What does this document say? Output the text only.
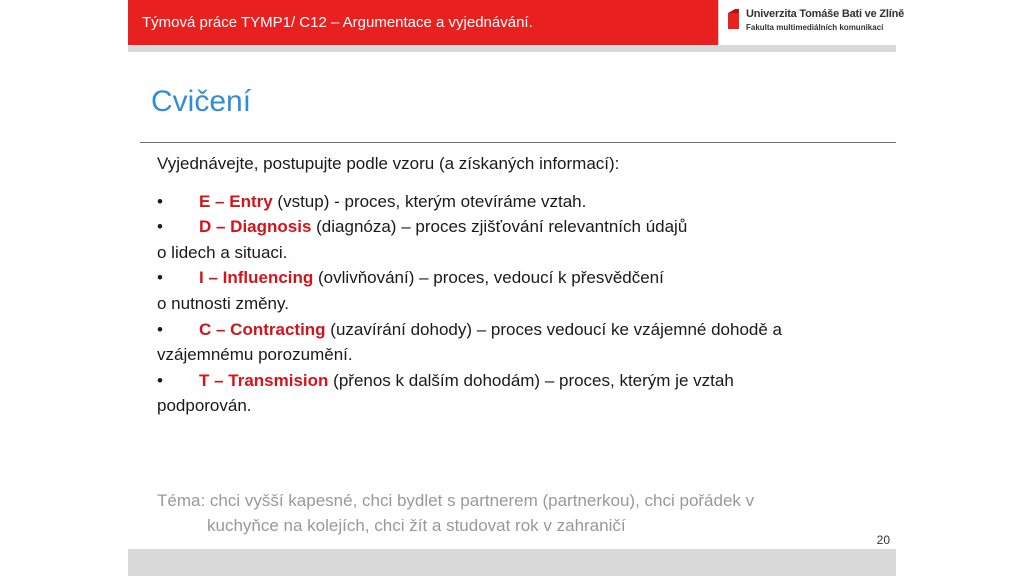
Týmová práce TYMP1/ C12 – Argumentace a vyjednávání.	Univerzita Tomáše Bati ve Zlíně
Fakulta multimediálních komunikací
Cvičení
Vyjednávejte, postupujte podle vzoru (a získaných informací):
• E – Entry (vstup) - proces, kterým otevíráme vztah.
• D – Diagnosis (diagnóza) – proces zjišťování relevantních údajů
o lidech a situaci.
• I – Influencing (ovlivňování) – proces, vedoucí k přesvědčení
o nutnosti změny.
• C – Contracting (uzavírání dohody) – proces vedoucí ke vzájemné dohodě a
vzájemnému porozumění.
• T – Transmision (přenos k dalším dohodám) – proces, kterým je vztah
podporován.
Téma: chci vyšší kapesné, chci bydlet s partnerem (partnerkou), chci pořádek v
kuchyňce na kolejích, chci žít a studovat rok v zahraničí
20
